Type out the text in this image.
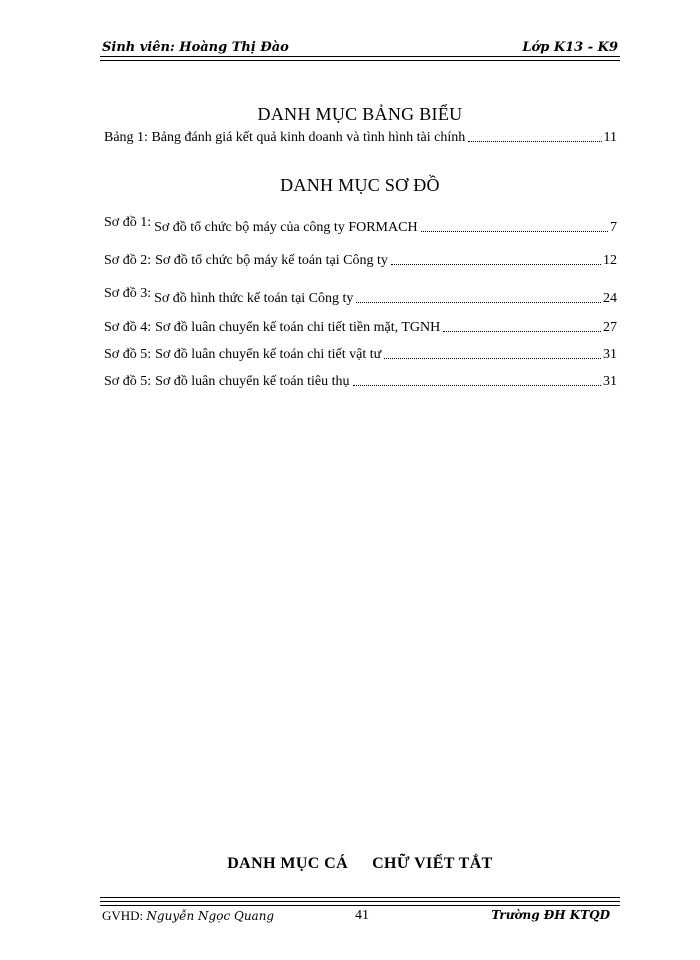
Sinh viên: Hoàng Thị Đào	Lớp K13 - K9
DANH MỤC BẢNG BIỂU
Bảng 1: Bảng đánh giá kết quả kinh doanh và tình hình tài chính	11
DANH MỤC SƠ ĐỒ
Sơ đồ 1: Sơ đồ tổ chức bộ máy của công ty FORMACH	7
Sơ đồ 2: Sơ đồ tổ chức bộ máy kế toán tại Công ty	12
Sơ đồ 3: Sơ đồ hình thức kế toán tại Công ty	24
Sơ đồ 4: Sơ đồ luân chuyển kế toán chi tiết tiền mặt, TGNH	27
Sơ đồ 5: Sơ đồ luân chuyển kế toán chi tiết vật tư	31
Sơ đồ 5: Sơ đồ luân chuyển kế toán tiêu thụ	31
DANH MỤC CÁ CHỮ VIẾT TẮT
GVHD: Nguyễn Ngọc Quang	41	Trường ĐH KTQD
